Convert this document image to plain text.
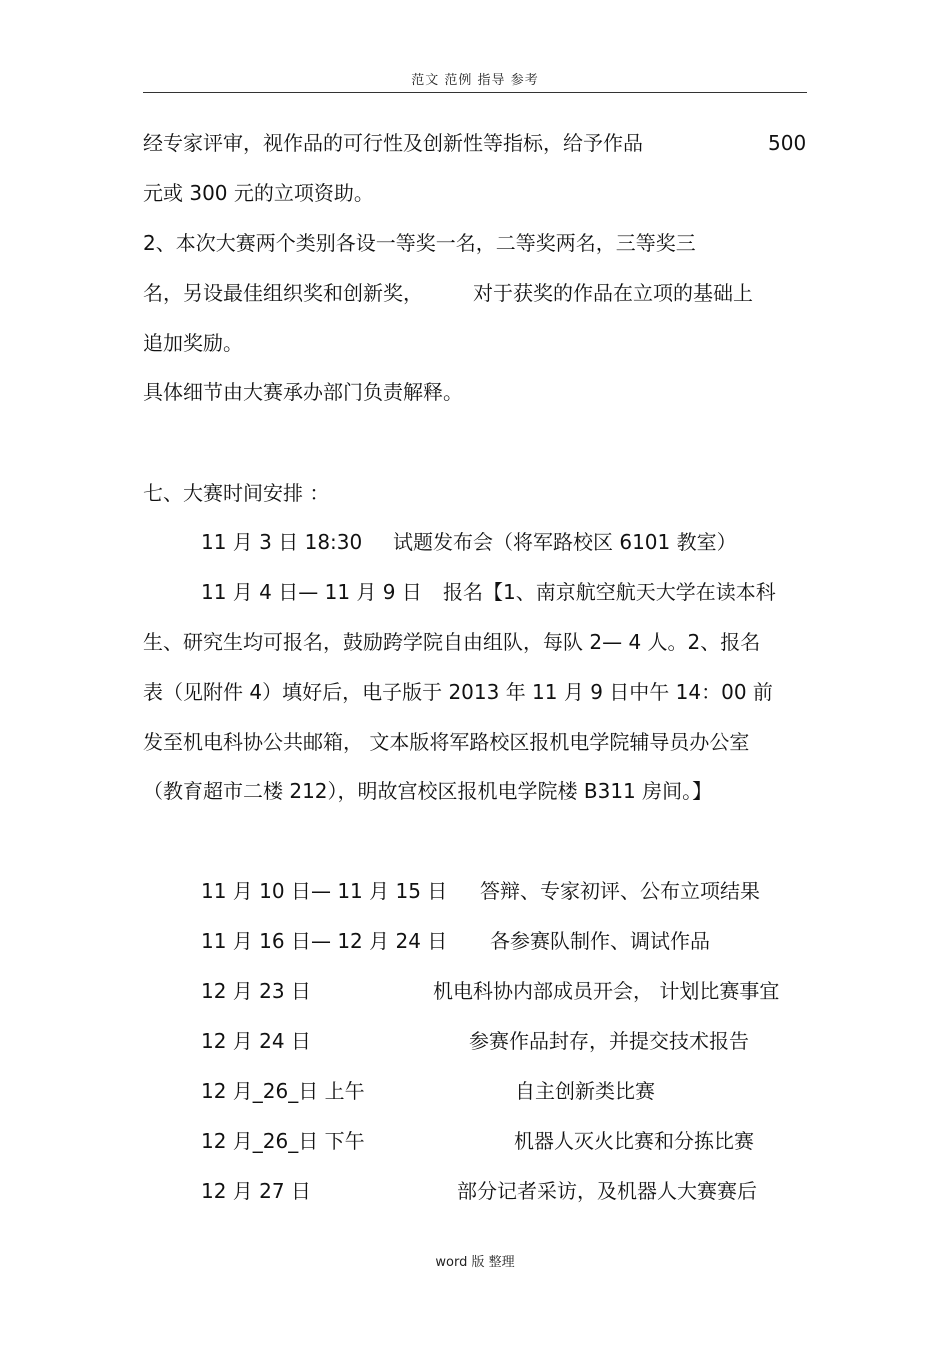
范文 范例 指导 参考
经专家评审，视作品的可行性及创新性等指标，给予作品	500
元或 300 元的立项资助。
2、本次大赛两个类别各设一等奖一名，二等奖两名，三等奖三
名，另设最佳组织奖和创新奖，	对于获奖的作品在立项的基础上
追加奖励。
具体细节由大赛承办部门负责解释。
七、大赛时间安排 ：
11 月 3 日 18:30 试题发布会（将军路校区 6101 教室）
11 月 4 日— 11 月 9 日 报名【1、南京航空航天大学在读本科
生、研究生均可报名，鼓励跨学院自由组队，每队 2— 4 人。2、报名
表（见附件 4）填好后，电子版于 2013 年 11 月 9 日中午 14：00 前
发至机电科协公共邮箱， 文本版将军路校区报机电学院辅导员办公室
（教育超市二楼 212），明故宫校区报机电学院楼 B311 房间。】
11 月 10 日— 11 月 15 日 答辩、专家初评、公布立项结果
11 月 16 日— 12 月 24 日 各参赛队制作、调试作品
12 月 23 日	机电科协内部成员开会， 计划比赛事宜
12 月 24 日	参赛作品封存，并提交技术报告
12 月_26_日 上午	自主创新类比赛
12 月_26_日 下午	机器人灭火比赛和分拣比赛
12 月 27 日	部分记者采访，及机器人大赛赛后
word 版 整理
